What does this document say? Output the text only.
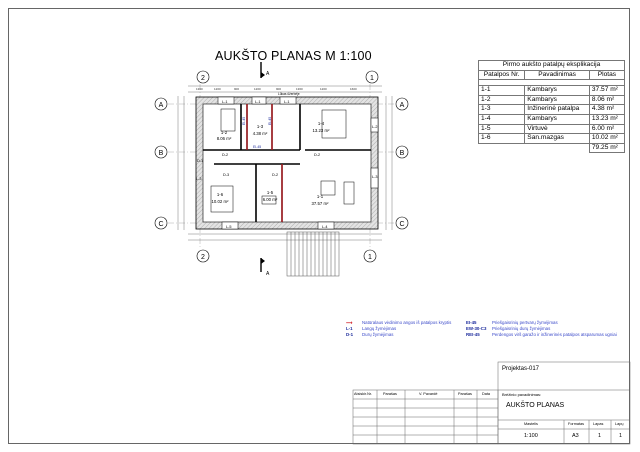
AUKŠTO PLANAS M 1:100
2	1
2	1
A
B
C
A
B
C
A
A
1360	1200	900	1200	900	1360	1200	1600
1-2
8.06 m²
1-3
4.38 m²
1-4
13.23 m²
1-6
10.02 m²
1-5
6.00 m²
1-1
37.57 m²
L-1	L-1	L-1
L-2
L-3
L-3
L-5	L-4
D-1
D-2	D-2
D-2
D-3
Lūkas ūžerbėje
EI-45
EI-45	EI-45
Pirmo aukšto patalpų eksplikacija		
Patalpos Nr.	Pavadinimas	Plotas

1-1	Kambarys	37.57 m²
1-2	Kambarys	8.06 m²
1-3	Inžinerinė patalpa	4.38 m²
1-4	Kambarys	13.23 m²
1-5	Virtuvė	6.00 m²
1-6	San.mazgas	10.02 m²
		79.25 m²
⟶ Natūralaus vėdinimo angos iš patalpos kryptis
L-1 Langų žymėjimas
D-1 Durų žymėjimas
EI-45	Priešgaisrinių pertvarų žymėjimas
EW-30-C3 Priešgaisrinių durų žymėjimas
REI-45	Perdengos virš garažo ir inžinerinės patalpos atsparumas ugniai
Projektas-017
Brėžinio pavadinimas:
AUKŠTO PLANAS
Atsiskir.Nr.	Parašas	V. Pavardė	Parašas	Data
Mastelis	Formatas Lapas	Lapų
1:100	A3	1	1
